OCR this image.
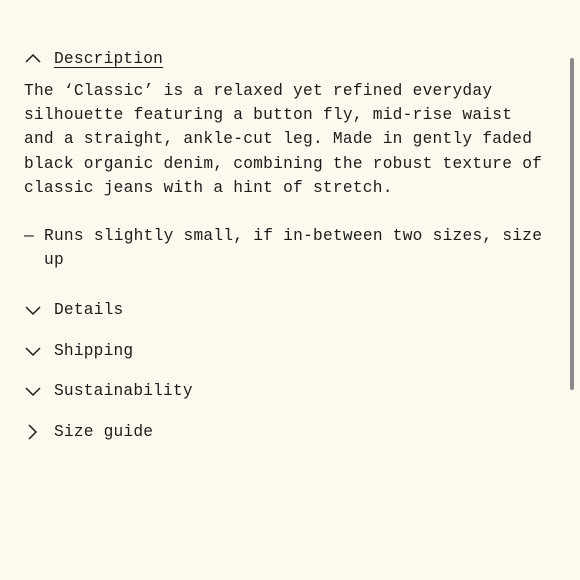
Description
The ‘Classic’ is a relaxed yet refined everyday silhouette featuring a button fly, mid-rise waist and a straight, ankle-cut leg. Made in gently faded black organic denim, combining the robust texture of classic jeans with a hint of stretch.
— Runs slightly small, if in-between two sizes, size up
Details
Shipping
Sustainability
Size guide
